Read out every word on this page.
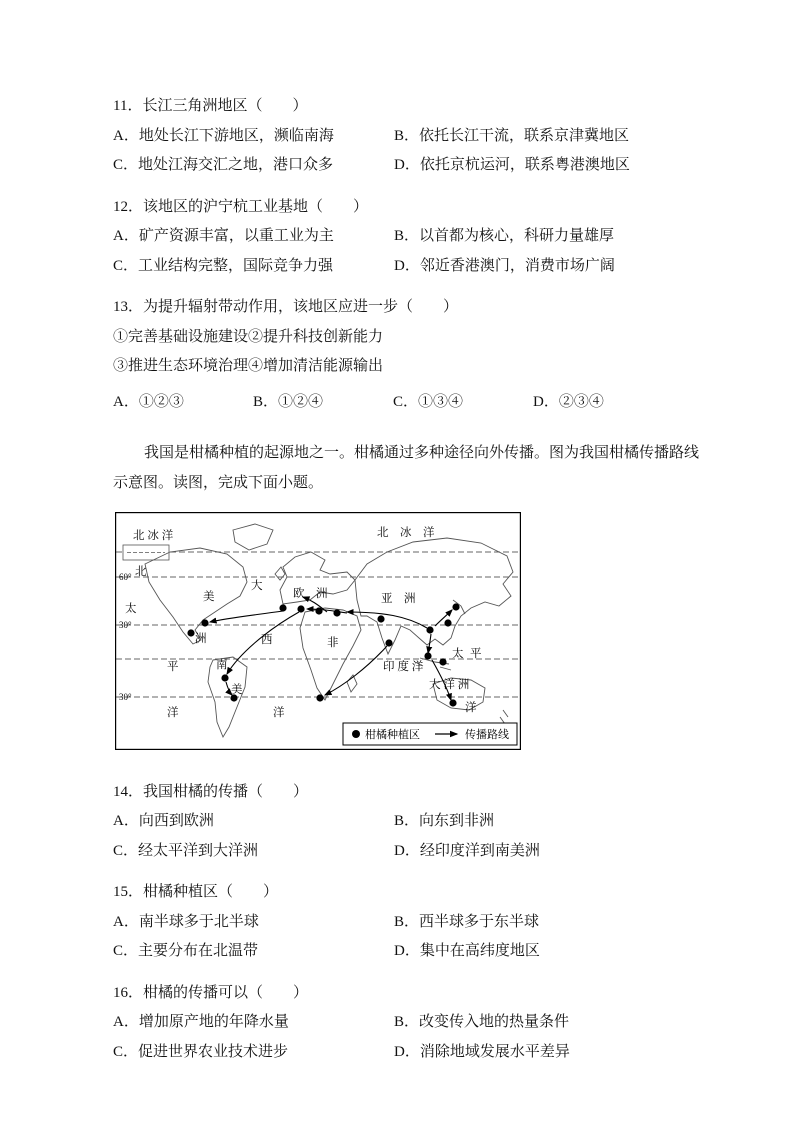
11．长江三角洲地区（　　）

A．地处长江下游地区，濒临南海	B．依托长江干流，联系京津冀地区
C．地处江海交汇之地，港口众多	D．依托京杭运河，联系粤港澳地区

12．该地区的沪宁杭工业基地（　　）

A．矿产资源丰富，以重工业为主	B．以首都为核心，科研力量雄厚
C．工业结构完整，国际竞争力强	D．邻近香港澳门，消费市场广阔

13．为提升辐射带动作用，该地区应进一步（　　）

①完善基础设施建设②提升科技创新能力

③推进生态环境治理④增加清洁能源输出

A．①②③	B．①②④	C．①③④	D．②③④

我国是柑橘种植的起源地之一。柑橘通过多种途径向外传播。图为我国柑橘传播路线

示意图。读图，完成下面小题。

北 冰 洋	北　冰　洋
60°
30°
30°
北
美
洲
太
平
洋
大
西
洋
欧　洲	亚　洲
非
印 度 洋
太 平
洋
大 洋 洲
南
美
柑橘种植区	传播路线

14．我国柑橘的传播（　　）

A．向西到欧洲	B．向东到非洲
C．经太平洋到大洋洲	D．经印度洋到南美洲

15．柑橘种植区（　　）

A．南半球多于北半球	B．西半球多于东半球
C．主要分布在北温带	D．集中在高纬度地区

16．柑橘的传播可以（　　）

A．增加原产地的年降水量	B．改变传入地的热量条件
C．促进世界农业技术进步	D．消除地域发展水平差异
